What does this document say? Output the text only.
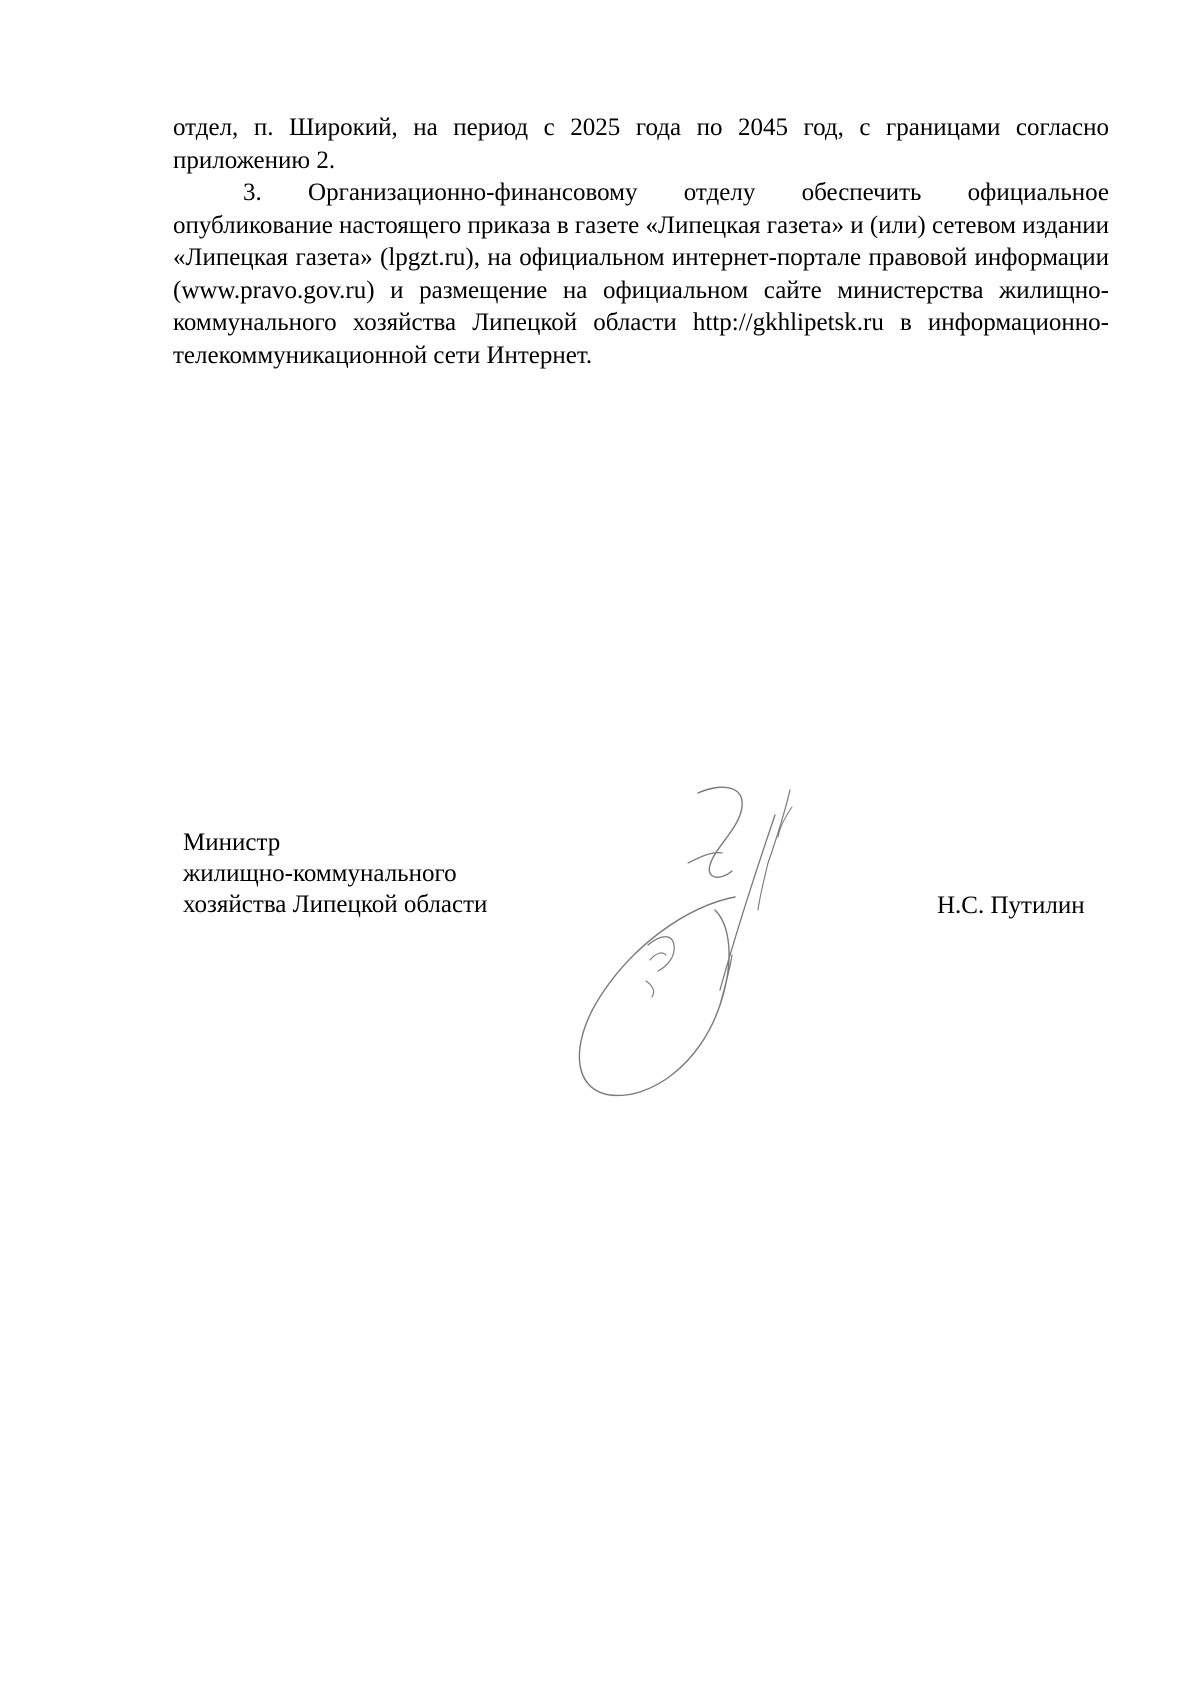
отдел, п. Широкий, на период с 2025 года по 2045 год, с границами согласно приложению 2.

3. Организационно-финансовому отделу обеспечить официальное опубликование настоящего приказа в газете «Липецкая газета» и (или) сетевом издании «Липецкая газета» (lpgzt.ru), на официальном интернет-портале правовой информации (www.pravo.gov.ru) и размещение на официальном сайте министерства жилищно-коммунального хозяйства Липецкой области http://gkhlipetsk.ru в информационно-телекоммуникационной сети Интернет.

Министр
жилищно-коммунального
хозяйства Липецкой области	Н.С. Путилин
